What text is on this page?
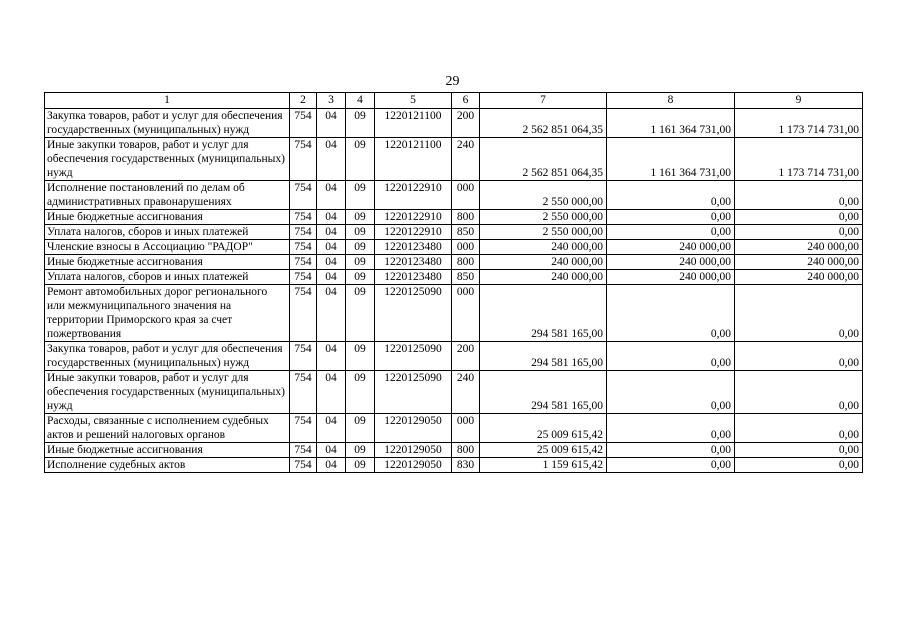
29
1	2	3	4	5	6	7	8	9
Закупка товаров, работ и услуг для обеспечения государственных (муниципальных) нужд	754	04	09	1220121100	200	2 562 851 064,35	1 161 364 731,00	1 173 714 731,00
Иные закупки товаров, работ и услуг для обеспечения государственных (муниципальных) нужд	754	04	09	1220121100	240	2 562 851 064,35	1 161 364 731,00	1 173 714 731,00
Исполнение постановлений по делам об административных правонарушениях	754	04	09	1220122910	000	2 550 000,00	0,00	0,00
Иные бюджетные ассигнования	754	04	09	1220122910	800	2 550 000,00	0,00	0,00
Уплата налогов, сборов и иных платежей	754	04	09	1220122910	850	2 550 000,00	0,00	0,00
Членские взносы в Ассоциацию "РАДОР"	754	04	09	1220123480	000	240 000,00	240 000,00	240 000,00
Иные бюджетные ассигнования	754	04	09	1220123480	800	240 000,00	240 000,00	240 000,00
Уплата налогов, сборов и иных платежей	754	04	09	1220123480	850	240 000,00	240 000,00	240 000,00
Ремонт автомобильных дорог регионального или межмуниципального значения на территории Приморского края за счет пожертвования	754	04	09	1220125090	000	294 581 165,00	0,00	0,00
Закупка товаров, работ и услуг для обеспечения государственных (муниципальных) нужд	754	04	09	1220125090	200	294 581 165,00	0,00	0,00
Иные закупки товаров, работ и услуг для обеспечения государственных (муниципальных) нужд	754	04	09	1220125090	240	294 581 165,00	0,00	0,00
Расходы, связанные с исполнением судебных актов и решений налоговых органов	754	04	09	1220129050	000	25 009 615,42	0,00	0,00
Иные бюджетные ассигнования	754	04	09	1220129050	800	25 009 615,42	0,00	0,00
Исполнение судебных актов	754	04	09	1220129050	830	1 159 615,42	0,00	0,00
